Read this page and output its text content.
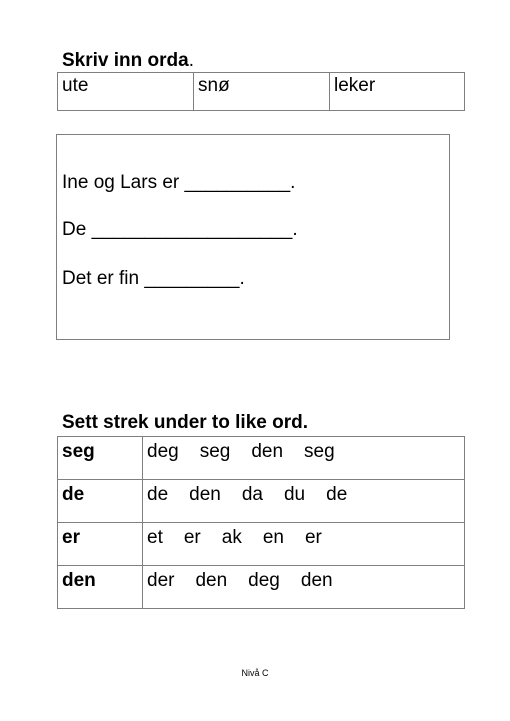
Skriv inn orda.
ute	snø	leker
Ine og Lars er __________.
De ___________________.
Det er fin _________.
Sett strek under to like ord.
seg	deg seg den seg
de	de den da du de
er	et er ak en er
den	der den deg den
Nivå C
